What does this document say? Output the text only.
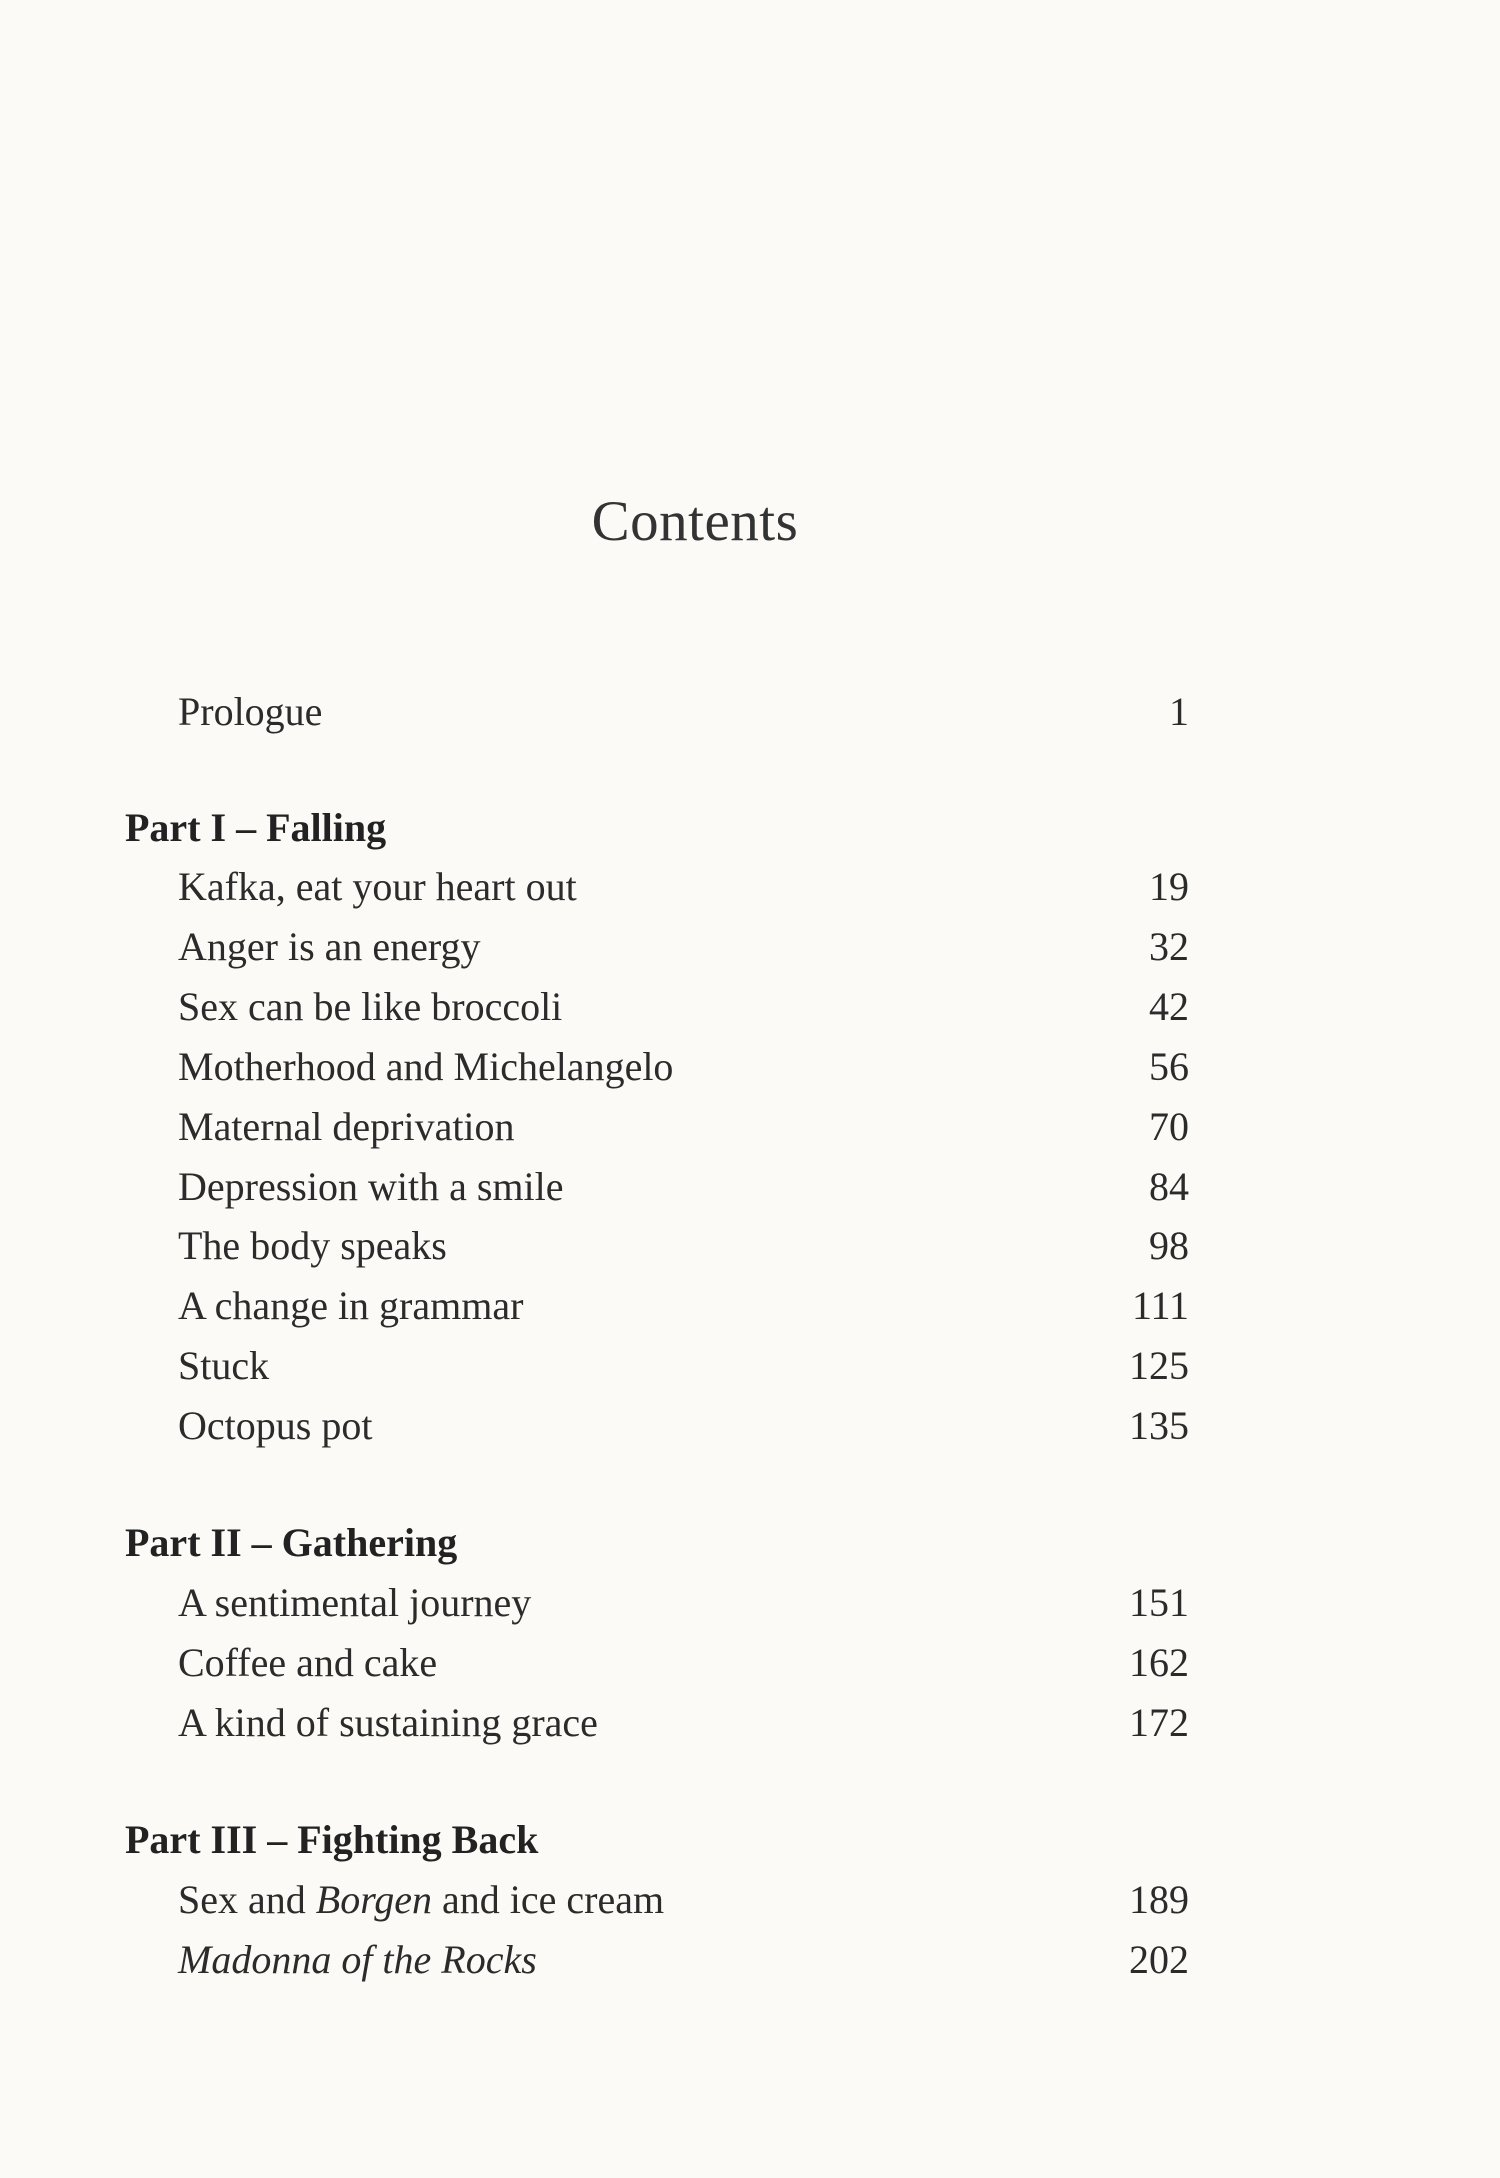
Contents
Prologue	1
Part I – Falling
Kafka, eat your heart out	19
Anger is an energy	32
Sex can be like broccoli	42
Motherhood and Michelangelo	56
Maternal deprivation	70
Depression with a smile	84
The body speaks	98
A change in grammar	111
Stuck	125
Octopus pot	135
Part II – Gathering
A sentimental journey	151
Coffee and cake	162
A kind of sustaining grace	172
Part III – Fighting Back
Sex and Borgen and ice cream	189
Madonna of the Rocks	202
